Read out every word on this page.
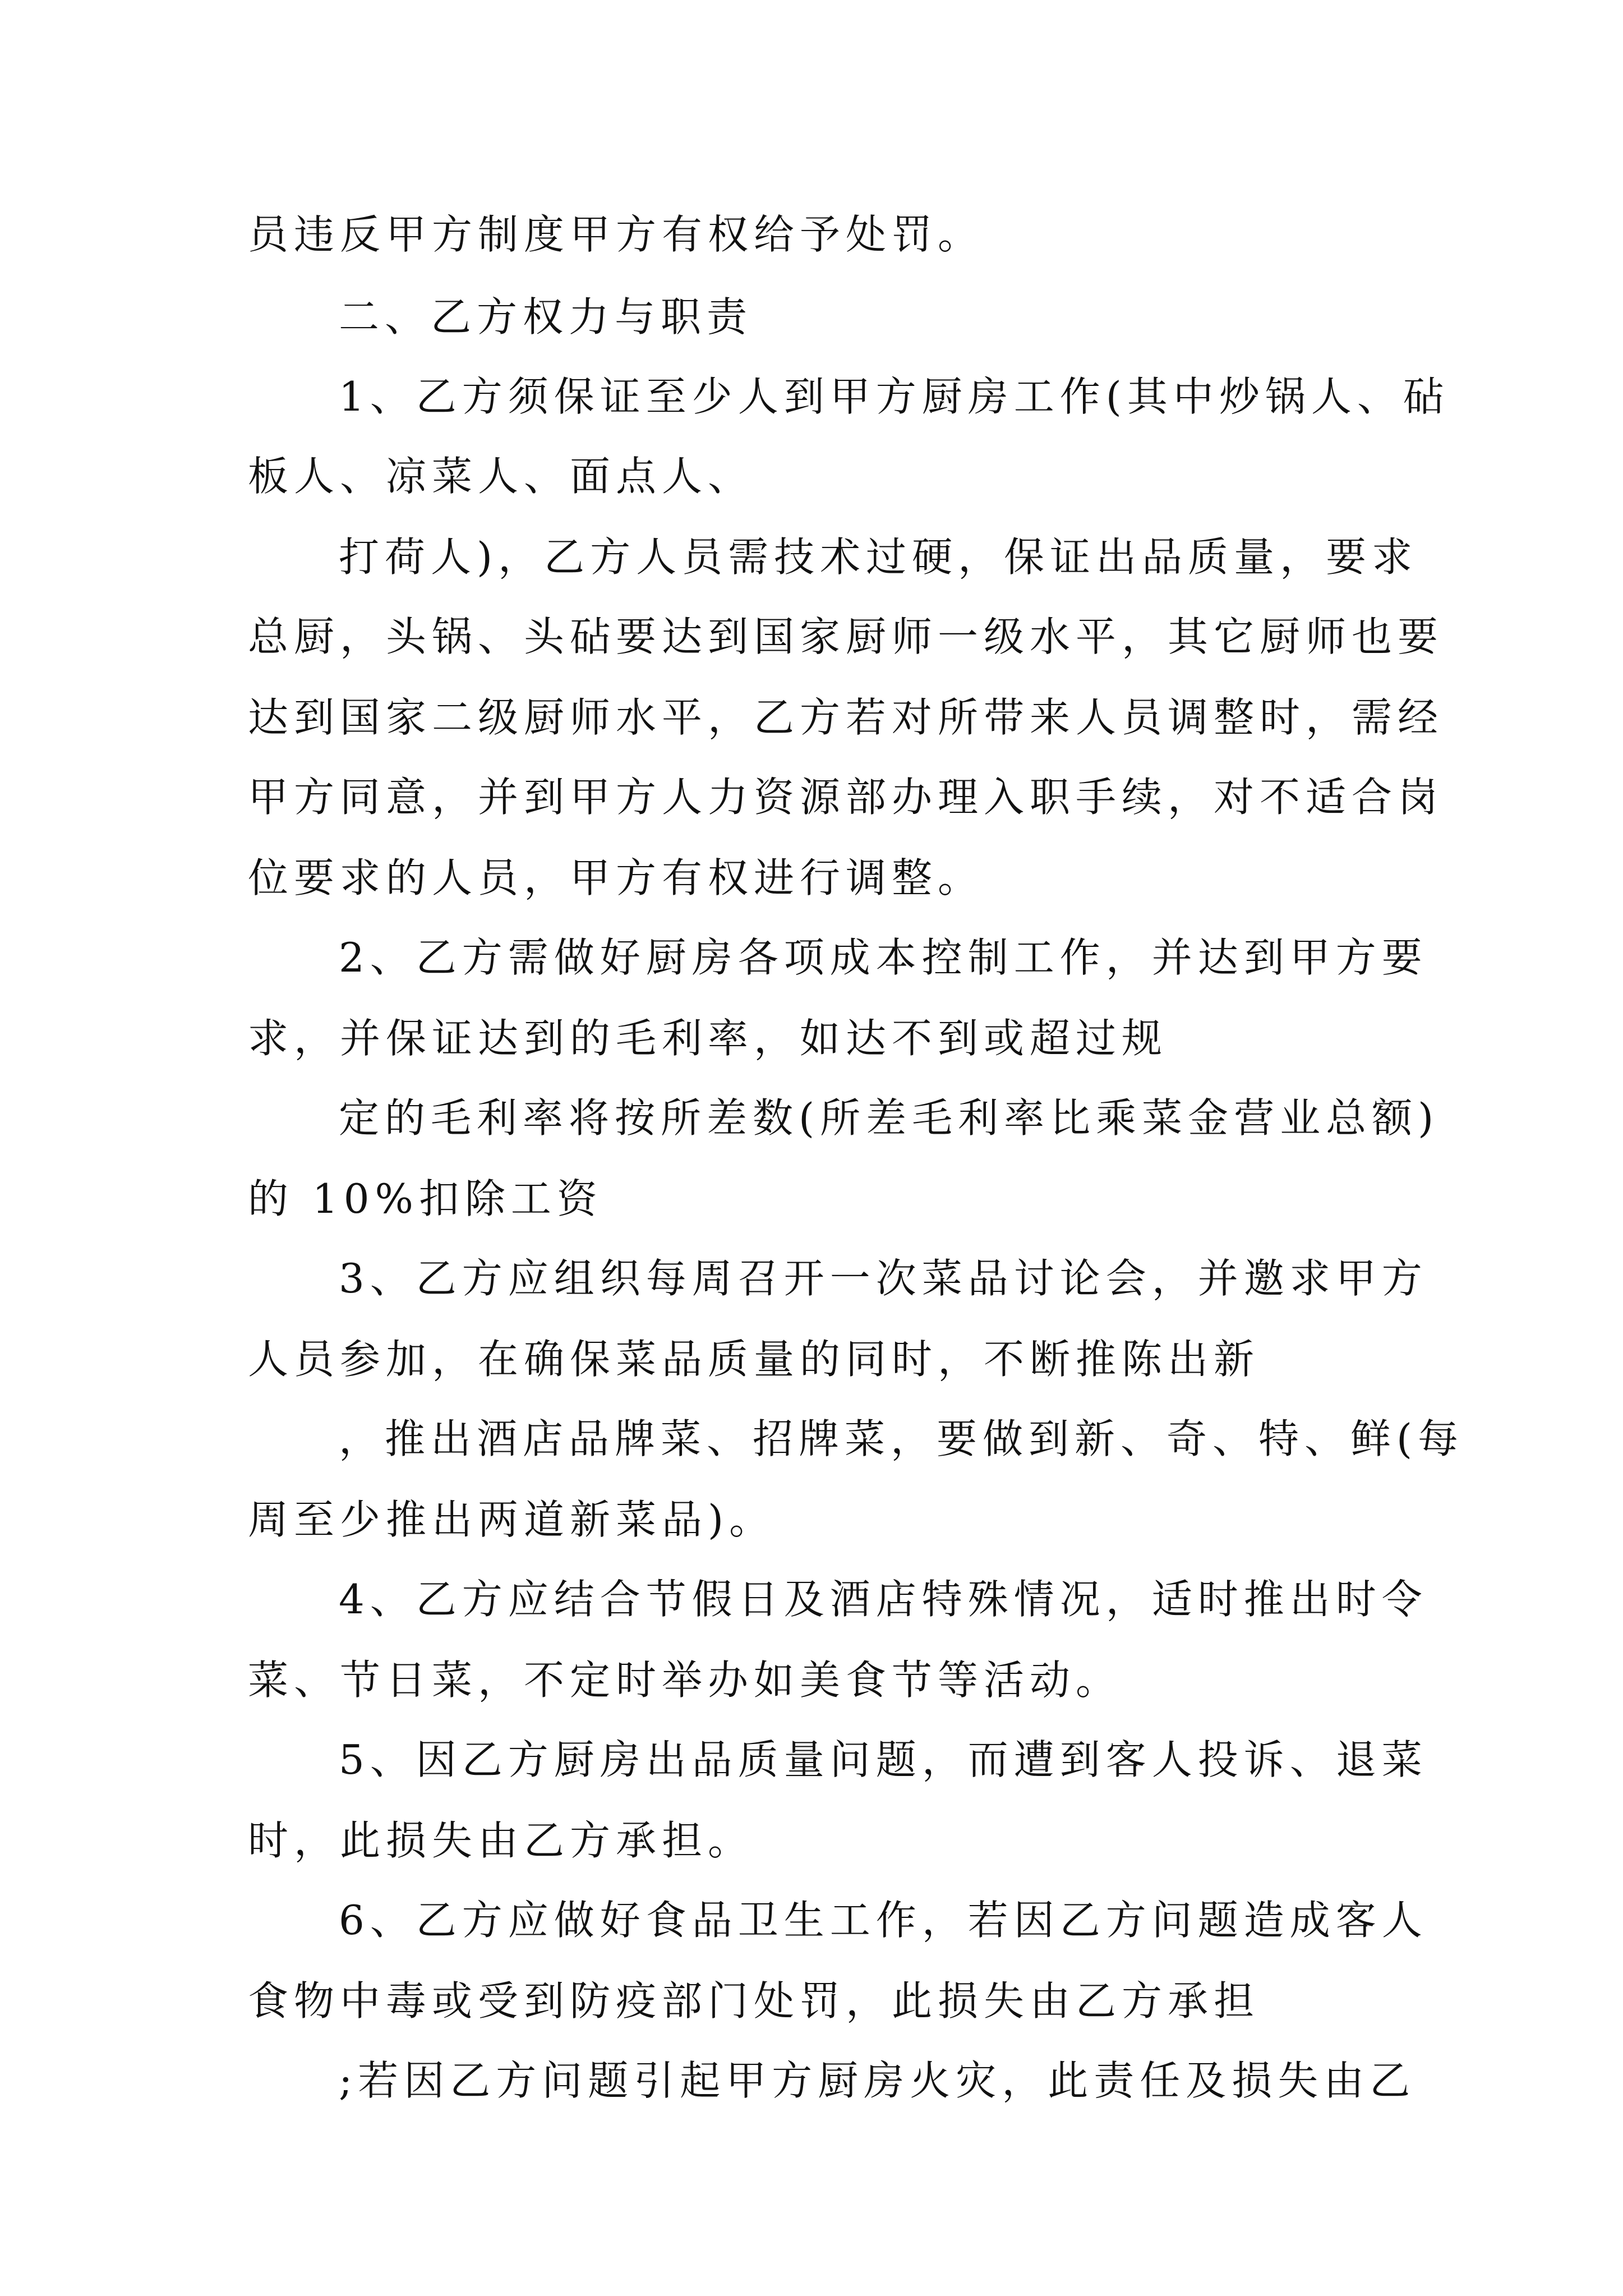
员违反甲方制度甲方有权给予处罚。
二、乙方权力与职责
1、乙方须保证至少人到甲方厨房工作(其中炒锅人、砧
板人、凉菜人、面点人、
打荷人)，乙方人员需技术过硬，保证出品质量，要求
总厨，头锅、头砧要达到国家厨师一级水平，其它厨师也要
达到国家二级厨师水平，乙方若对所带来人员调整时，需经
甲方同意，并到甲方人力资源部办理入职手续，对不适合岗
位要求的人员，甲方有权进行调整。
2、乙方需做好厨房各项成本控制工作，并达到甲方要
求，并保证达到的毛利率，如达不到或超过规
定的毛利率将按所差数(所差毛利率比乘菜金营业总额)
的 10%扣除工资
3、乙方应组织每周召开一次菜品讨论会，并邀求甲方
人员参加，在确保菜品质量的同时，不断推陈出新
，推出酒店品牌菜、招牌菜，要做到新、奇、特、鲜(每
周至少推出两道新菜品)。
4、乙方应结合节假日及酒店特殊情况，适时推出时令
菜、节日菜，不定时举办如美食节等活动。
5、因乙方厨房出品质量问题，而遭到客人投诉、退菜
时，此损失由乙方承担。
6、乙方应做好食品卫生工作，若因乙方问题造成客人
食物中毒或受到防疫部门处罚，此损失由乙方承担
;若因乙方问题引起甲方厨房火灾，此责任及损失由乙
